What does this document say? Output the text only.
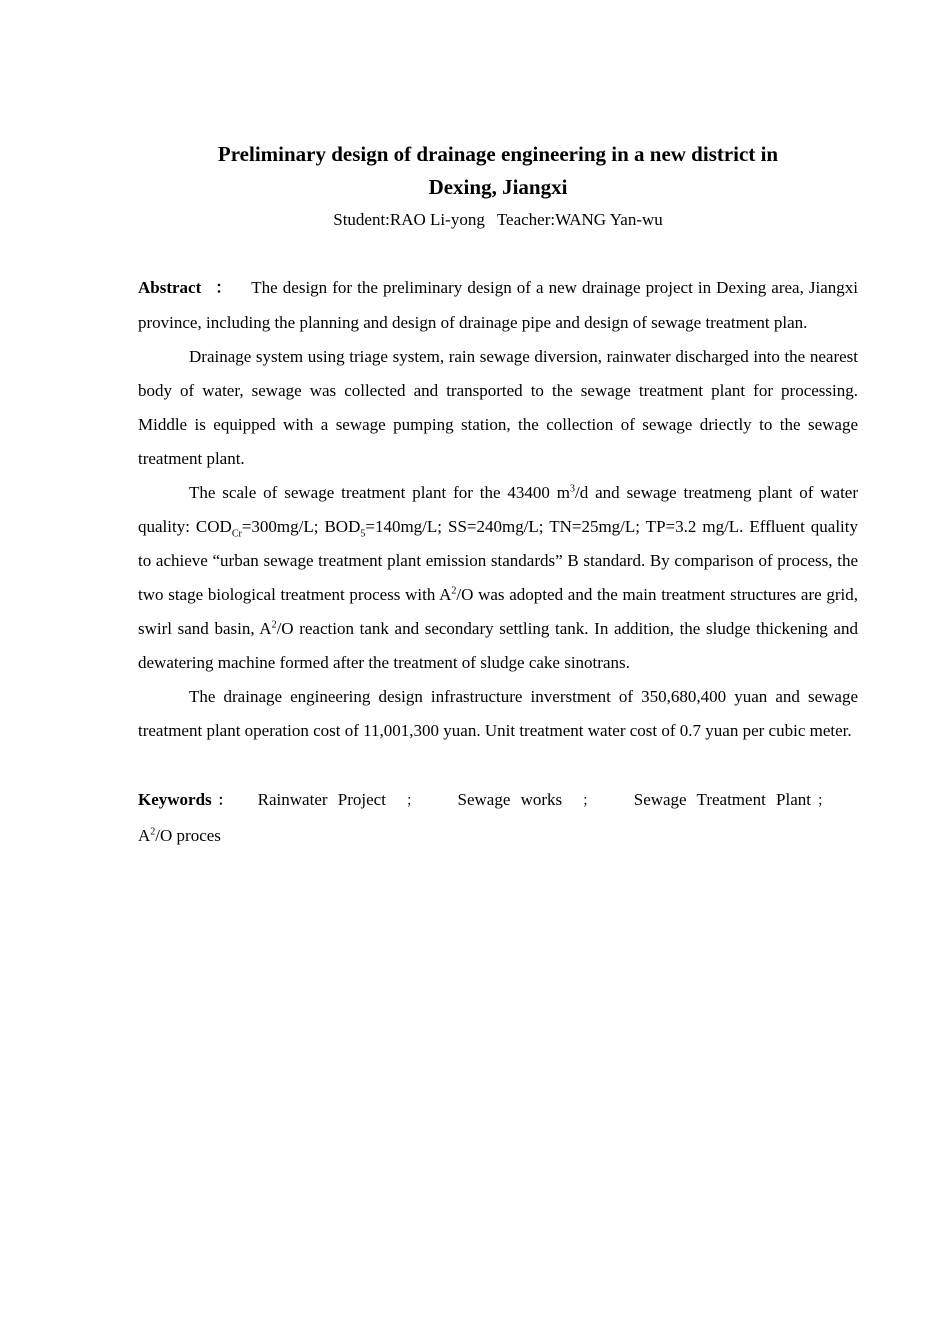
Preliminary design of drainage engineering in a new district in
Dexing, Jiangxi
Student:RAO Li-yong Teacher:WANG Yan-wu

Abstract ： The design for the preliminary design of a new drainage project in Dexing area, Jiangxi province, including the planning and design of drainage pipe and design of sewage treatment plan.

Drainage system using triage system, rain sewage diversion, rainwater discharged into the nearest body of water, sewage was collected and transported to the sewage treatment plant for processing. Middle is equipped with a sewage pumping station, the collection of sewage driectly to the sewage treatment plant.

The scale of sewage treatment plant for the 43400 $m^3/d$ and sewage treatmeng plant of water quality: $COD_{Cr}=300mg/L$; $BOD_5=140mg/L$; SS=240mg/L; TN=25mg/L; TP=3.2 mg/L. Effluent quality to achieve “urban sewage treatment plant emission standards” B standard. By comparison of process, the two stage biological treatment process with $A^2/O$ was adopted and the main treatment structures are grid, swirl sand basin, $A^2/O$ reaction tank and secondary settling tank. In addition, the sludge thickening and dewatering machine formed after the treatment of sludge cake sinotrans.

The drainage engineering design infrastructure inverstment of 350,680,400 yuan and sewage treatment plant operation cost of 11,001,300 yuan. Unit treatment water cost of 0.7 yuan per cubic meter.

Keywords ： Rainwater Project ； Sewage works ； Sewage Treatment Plant ；
$A^2/O$ proces
